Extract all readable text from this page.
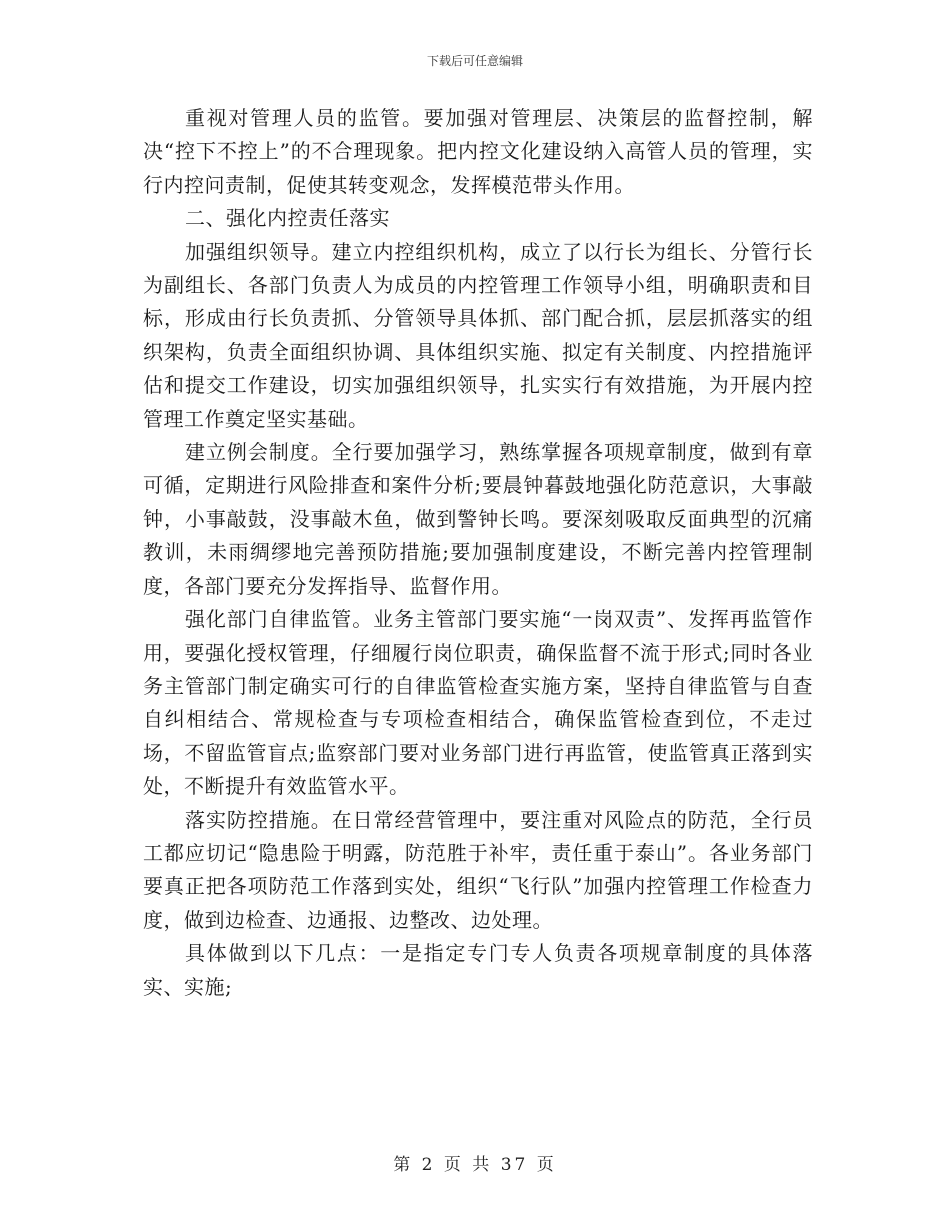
下载后可任意编辑

重视对管理人员的监管。要加强对管理层、决策层的监督控制，解决“控下不控上”的不合理现象。把内控文化建设纳入高管人员的管理，实行内控问责制，促使其转变观念，发挥模范带头作用。

二、强化内控责任落实

加强组织领导。建立内控组织机构，成立了以行长为组长、分管行长为副组长、各部门负责人为成员的内控管理工作领导小组，明确职责和目标，形成由行长负责抓、分管领导具体抓、部门配合抓，层层抓落实的组织架构，负责全面组织协调、具体组织实施、拟定有关制度、内控措施评估和提交工作建设，切实加强组织领导，扎实实行有效措施，为开展内控管理工作奠定坚实基础。

建立例会制度。全行要加强学习，熟练掌握各项规章制度，做到有章可循，定期进行风险排查和案件分析;要晨钟暮鼓地强化防范意识，大事敲钟，小事敲鼓，没事敲木鱼，做到警钟长鸣。要深刻吸取反面典型的沉痛教训，未雨绸缪地完善预防措施;要加强制度建设，不断完善内控管理制度，各部门要充分发挥指导、监督作用。

强化部门自律监管。业务主管部门要实施“一岗双责”、发挥再监管作用，要强化授权管理，仔细履行岗位职责，确保监督不流于形式;同时各业务主管部门制定确实可行的自律监管检查实施方案，坚持自律监管与自查自纠相结合、常规检查与专项检查相结合，确保监管检查到位，不走过场，不留监管盲点;监察部门要对业务部门进行再监管，使监管真正落到实处，不断提升有效监管水平。

落实防控措施。在日常经营管理中，要注重对风险点的防范，全行员工都应切记“隐患险于明露，防范胜于补牢，责任重于泰山”。各业务部门要真正把各项防范工作落到实处，组织“飞行队”加强内控管理工作检查力度，做到边检查、边通报、边整改、边处理。

具体做到以下几点：一是指定专门专人负责各项规章制度的具体落实、实施;

第 2 页 共 37 页
